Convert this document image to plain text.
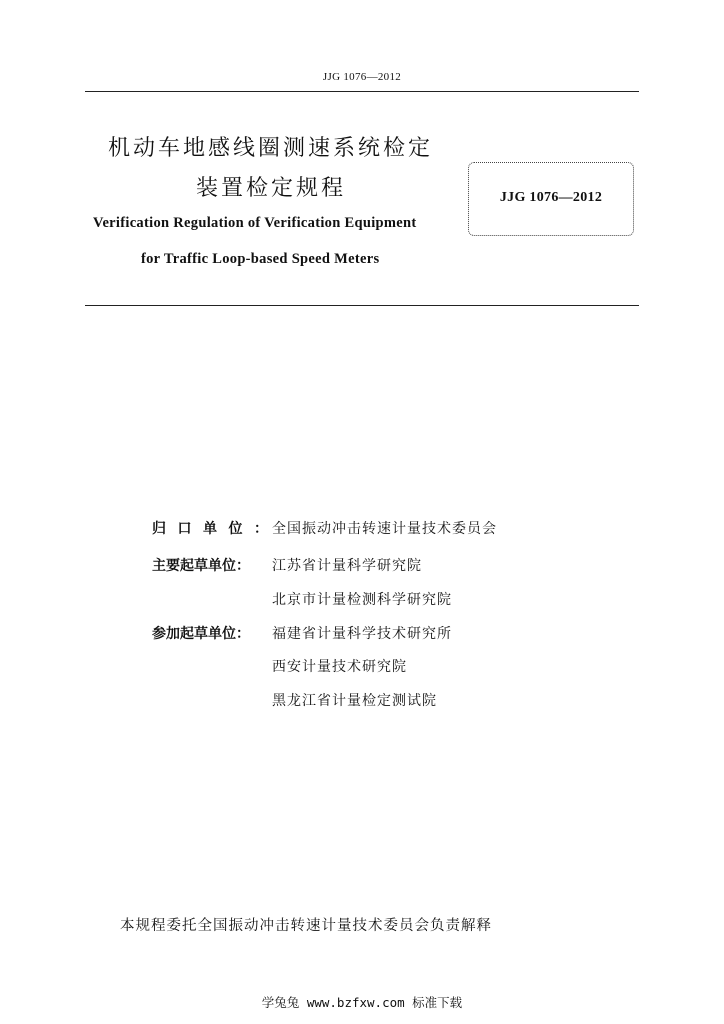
JJG 1076—2012
机动车地感线圈测速系统检定
装置检定规程	JJG 1076—2012
Verification Regulation of Verification Equipment
for Traffic Loop-based Speed Meters
归口单位： 全国振动冲击转速计量技术委员会
主要起草单位：	江苏省计量科学研究院
北京市计量检测科学研究院
参加起草单位：	福建省计量科学技术研究所
西安计量技术研究院
黑龙江省计量检定测试院
本规程委托全国振动冲击转速计量技术委员会负责解释
学兔兔 www.bzfxw.com 标准下载
